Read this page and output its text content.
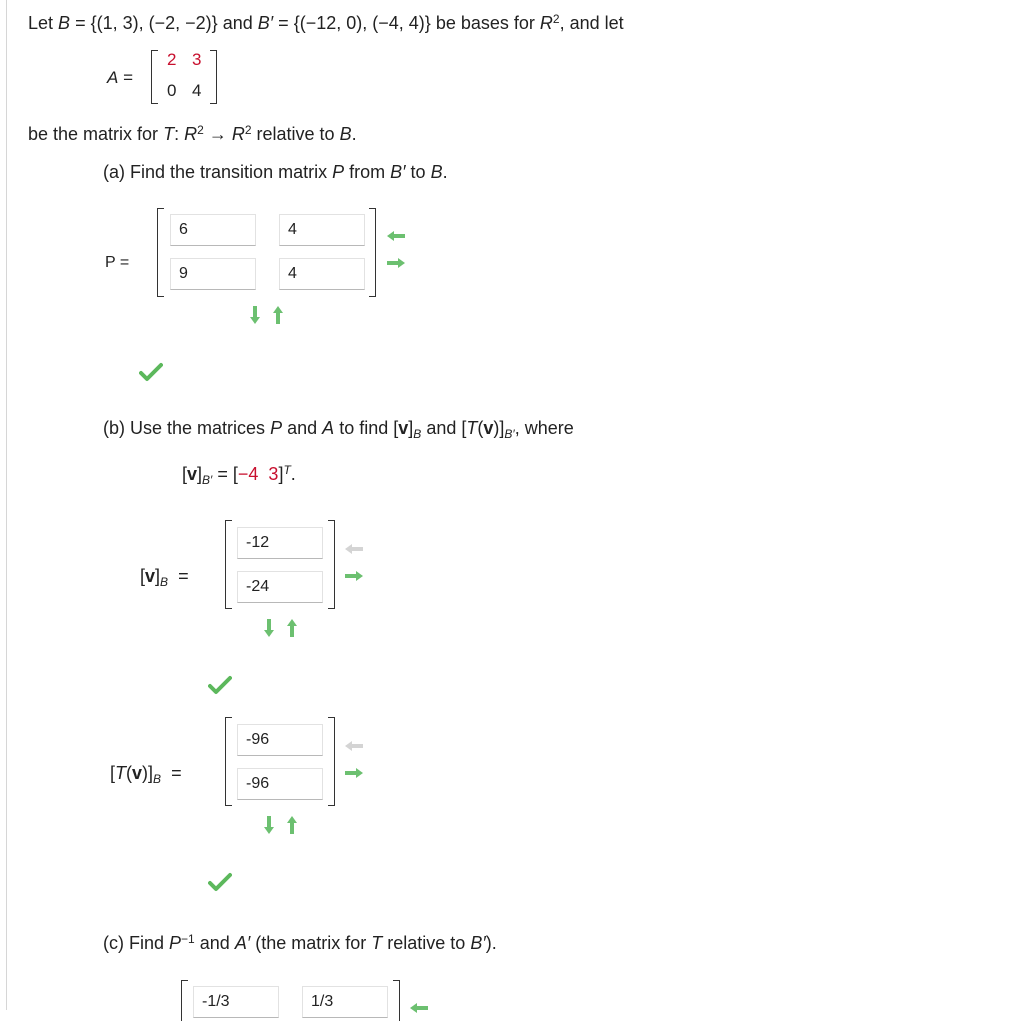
Let B = {(1, 3), (−2, −2)} and B′ = {(−12, 0), (−4, 4)} be bases for $R^2$, and let
A =
2 3
0 4
be the matrix for T: $R^2 \to R^2$ relative to B.
(a) Find the transition matrix P from B′ to B.
P =
6
4
9
4
(b) Use the matrices P and A to find $[v]_B$ and $[T(v)]_{B'}$, where
$[v]_{B'} = [-4$ 3]$^T$.
$[v]_B$ =
-12
-24
$[T(v)]_B$ =
-96
-96
(c) Find $P^{-1}$ and A′ (the matrix for T relative to B′).
-1/3
1/3
